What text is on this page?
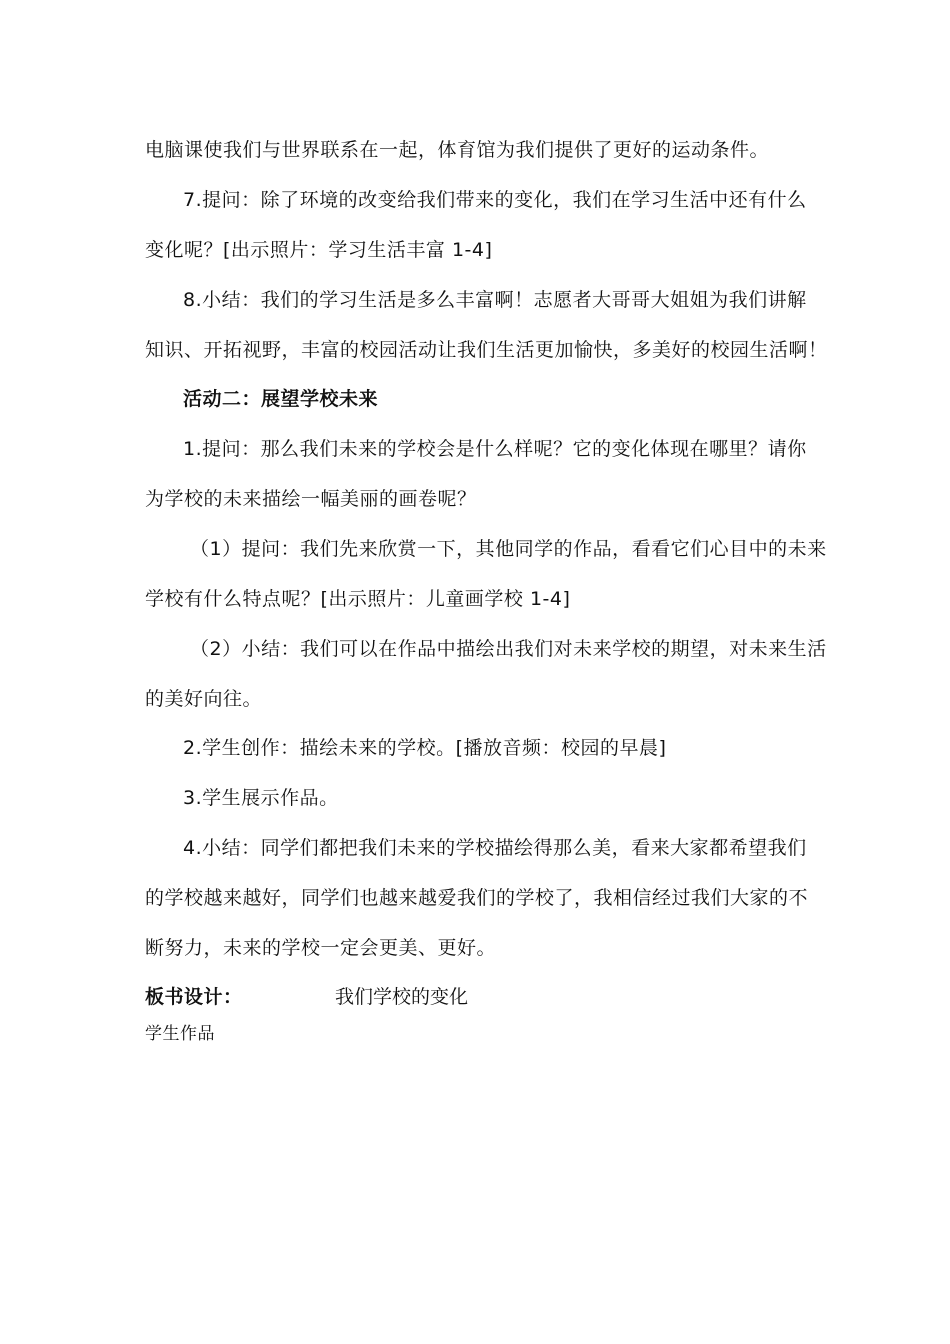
电脑课使我们与世界联系在一起，体育馆为我们提供了更好的运动条件。
7.提问：除了环境的改变给我们带来的变化，我们在学习生活中还有什么
变化呢？[出示照片：学习生活丰富 1-4]
8.小结：我们的学习生活是多么丰富啊！志愿者大哥哥大姐姐为我们讲解
知识、开拓视野，丰富的校园活动让我们生活更加愉快，多美好的校园生活啊！
活动二：展望学校未来
1.提问：那么我们未来的学校会是什么样呢？它的变化体现在哪里？请你
为学校的未来描绘一幅美丽的画卷呢？
（1）提问：我们先来欣赏一下，其他同学的作品，看看它们心目中的未来
学校有什么特点呢？[出示照片：儿童画学校 1-4]
（2）小结：我们可以在作品中描绘出我们对未来学校的期望，对未来生活
的美好向往。
2.学生创作：描绘未来的学校。[播放音频：校园的早晨]
3.学生展示作品。
4.小结：同学们都把我们未来的学校描绘得那么美，看来大家都希望我们
的学校越来越好，同学们也越来越爱我们的学校了，我相信经过我们大家的不
断努力，未来的学校一定会更美、更好。
板书设计：	我们学校的变化
学生作品
